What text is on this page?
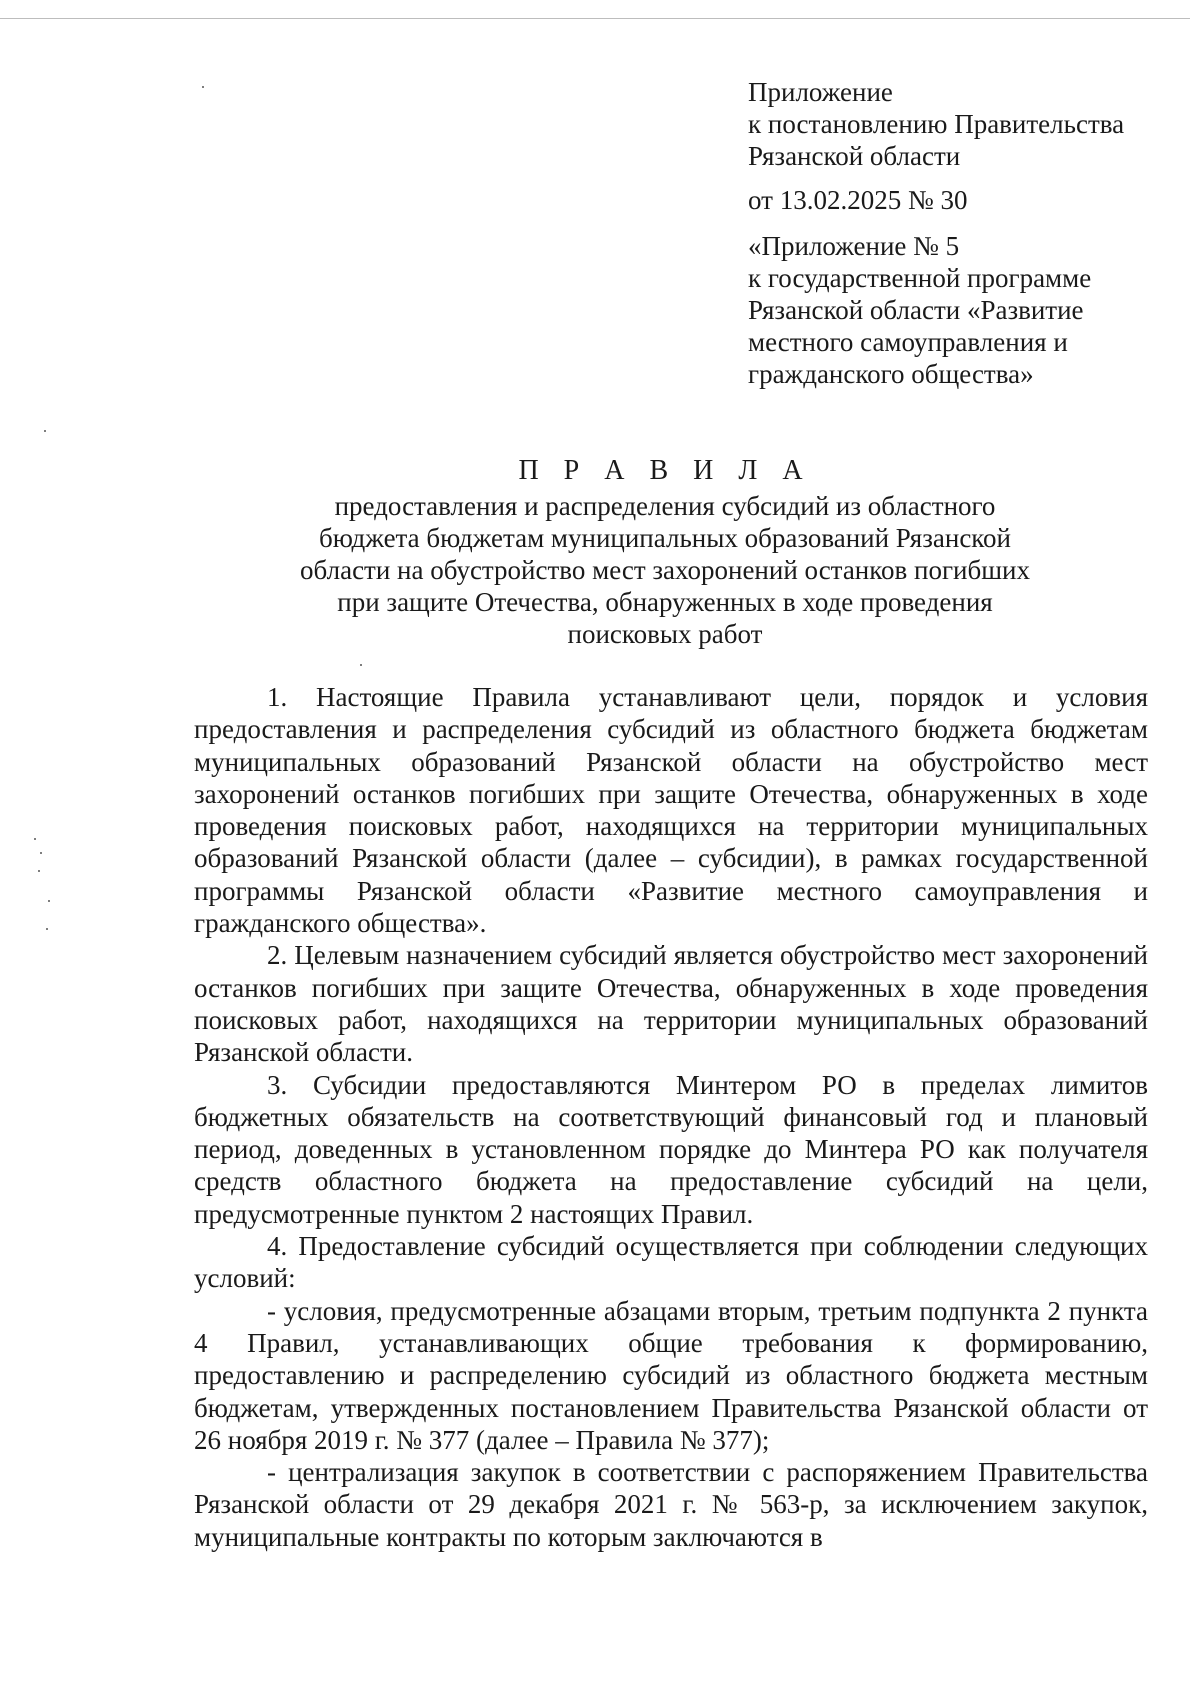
Приложение
к постановлению Правительства
Рязанской области
от 13.02.2025 № 30
«Приложение № 5
к государственной программе
Рязанской области «Развитие
местного самоуправления и
гражданского общества»
П Р А В И Л А
предоставления и распределения субсидий из областного
бюджета бюджетам муниципальных образований Рязанской
области на обустройство мест захоронений останков погибших
при защите Отечества, обнаруженных в ходе проведения
поисковых работ

1. Настоящие Правила устанавливают цели, порядок и условия предоставления и распределения субсидий из областного бюджета бюджетам муниципальных образований Рязанской области на обустройство мест захоронений останков погибших при защите Отечества, обнаруженных в ходе проведения поисковых работ, находящихся на территории муниципальных образований Рязанской области (далее – субсидии), в рамках государственной программы Рязанской области «Развитие местного самоуправления и гражданского общества».

2. Целевым назначением субсидий является обустройство мест захоронений останков погибших при защите Отечества, обнаруженных в ходе проведения поисковых работ, находящихся на территории муниципальных образований Рязанской области.

3. Субсидии предоставляются Минтером РО в пределах лимитов бюджетных обязательств на соответствующий финансовый год и плановый период, доведенных в установленном порядке до Минтера РО как получателя средств областного бюджета на предоставление субсидий на цели, предусмотренные пунктом 2 настоящих Правил.

4. Предоставление субсидий осуществляется при соблюдении следующих условий:

- условия, предусмотренные абзацами вторым, третьим подпункта 2 пункта 4 Правил, устанавливающих общие требования к формированию, предоставлению и распределению субсидий из областного бюджета местным бюджетам, утвержденных постановлением Правительства Рязанской области от 26 ноября 2019 г. № 377 (далее – Правила № 377);

- централизация закупок в соответствии с распоряжением Правительства Рязанской области от 29 декабря 2021 г. № 563-р, за исключением закупок, муниципальные контракты по которым заключаются в
